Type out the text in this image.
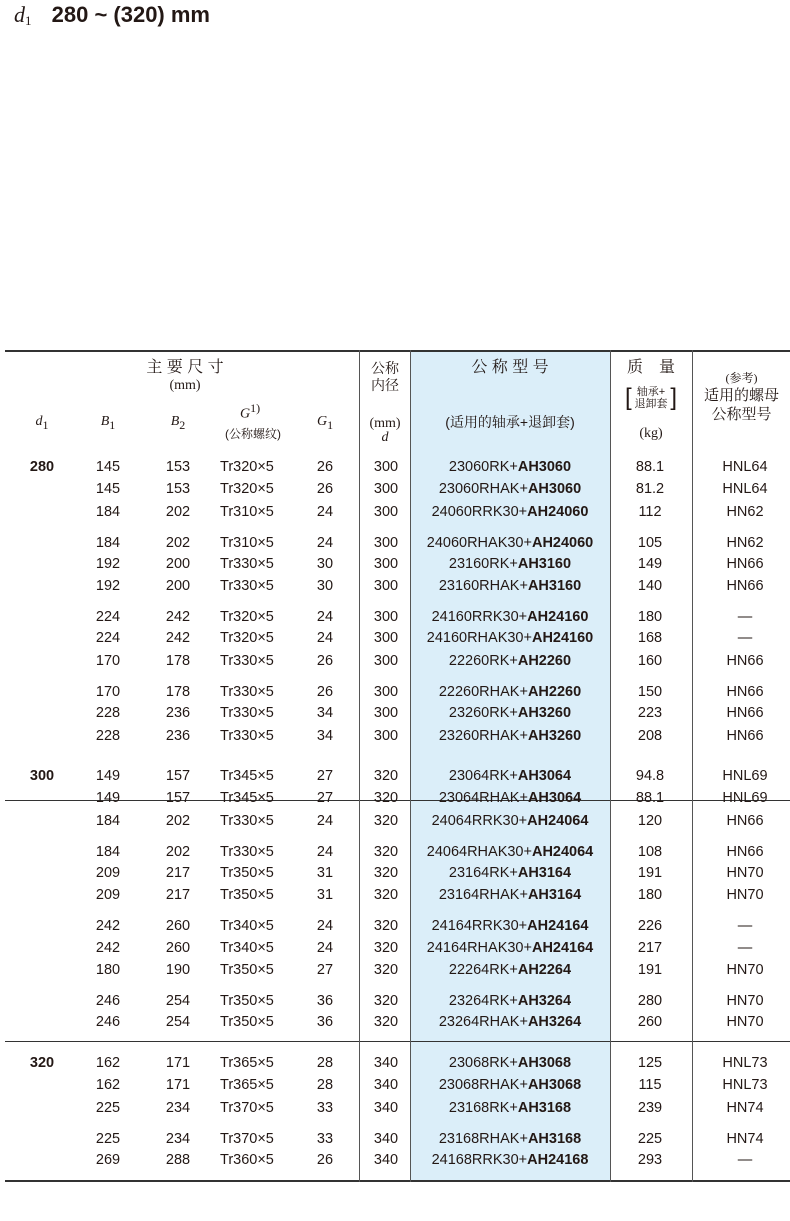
$d_1$ 280 ~ (320) mm
主 要 尺 寸
(mm)
$d_1$	$B_1$	$B_2$
$G^{1)}$
(公称螺纹)
$G_1$
公称
内径
(mm)
d
公 称 型 号
(适用的轴承+退卸套)
质　量
[ 轴承+
退卸套 ]
(kg)
(参考)
适用的螺母
公称型号
280	145	153	Tr320×5	26	300	23060RK+AH3060	88.1	HNL64
145	153	Tr320×5	26	300	23060RHAK+AH3060	81.2	HNL64
184	202	Tr310×5	24	300	24060RRK30+AH24060	112	HN62
184	202	Tr310×5	24	300	24060RHAK30+AH24060	105	HN62
192	200	Tr330×5	30	300	23160RK+AH3160	149	HN66
192	200	Tr330×5	30	300	23160RHAK+AH3160	140	HN66
224	242	Tr320×5	24	300	24160RRK30+AH24160	180	—
224	242	Tr320×5	24	300	24160RHAK30+AH24160	168	—
170	178	Tr330×5	26	300	22260RK+AH2260	160	HN66
170	178	Tr330×5	26	300	22260RHAK+AH2260	150	HN66
228	236	Tr330×5	34	300	23260RK+AH3260	223	HN66
228	236	Tr330×5	34	300	23260RHAK+AH3260	208	HN66
300	149	157	Tr345×5	27	320	23064RK+AH3064	94.8	HNL69
149	157	Tr345×5	27	320	23064RHAK+AH3064	88.1	HNL69
184	202	Tr330×5	24	320	24064RRK30+AH24064	120	HN66
184	202	Tr330×5	24	320	24064RHAK30+AH24064	108	HN66
209	217	Tr350×5	31	320	23164RK+AH3164	191	HN70
209	217	Tr350×5	31	320	23164RHAK+AH3164	180	HN70
242	260	Tr340×5	24	320	24164RRK30+AH24164	226	—
242	260	Tr340×5	24	320	24164RHAK30+AH24164	217	—
180	190	Tr350×5	27	320	22264RK+AH2264	191	HN70
246	254	Tr350×5	36	320	23264RK+AH3264	280	HN70
246	254	Tr350×5	36	320	23264RHAK+AH3264	260	HN70
320	162	171	Tr365×5	28	340	23068RK+AH3068	125	HNL73
162	171	Tr365×5	28	340	23068RHAK+AH3068	115	HNL73
225	234	Tr370×5	33	340	23168RK+AH3168	239	HN74
225	234	Tr370×5	33	340	23168RHAK+AH3168	225	HN74
269	288	Tr360×5	26	340	24168RRK30+AH24168	293	—
